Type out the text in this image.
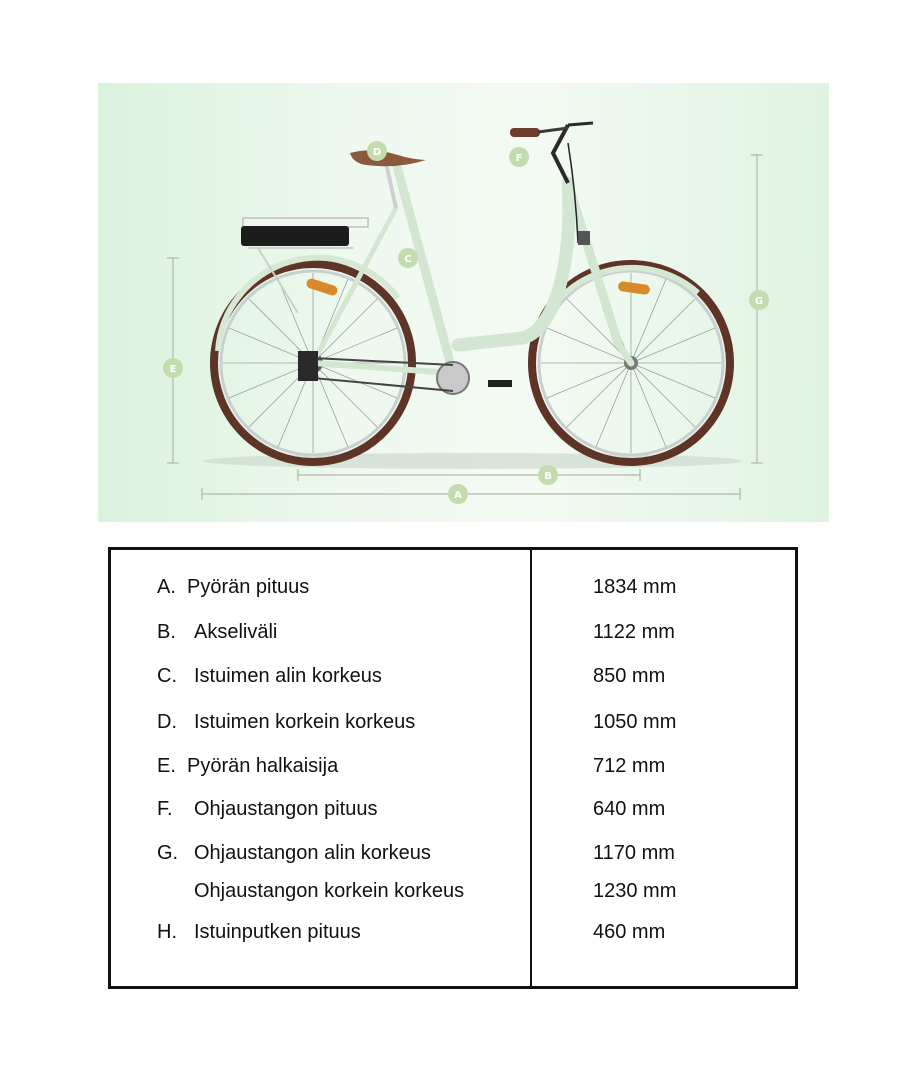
A
B
C
D
E
F
G
A. Pyörän pituus	1834 mm
B. Akseliväli	1122 mm
C. Istuimen alin korkeus	850 mm
D. Istuimen korkein korkeus	1050 mm
E. Pyörän halkaisija	712 mm
F. Ohjaustangon pituus	640 mm
G. Ohjaustangon alin korkeus	1170 mm
Ohjaustangon korkein korkeus	1230 mm
H. Istuinputken pituus	460 mm
